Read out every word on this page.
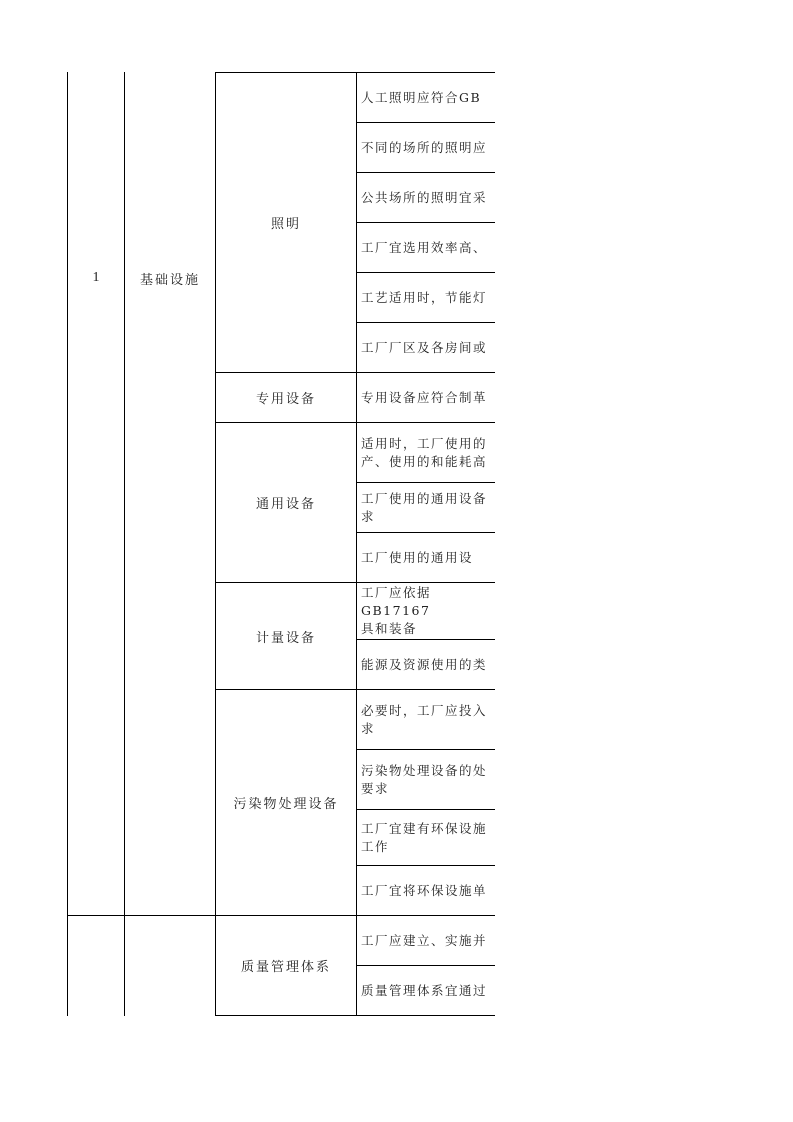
1	基础设施
照明
专用设备
通用设备
计量设备
污染物处理设备
质量管理体系
人工照明应符合GB
不同的场所的照明应
公共场所的照明宜采
工厂宜选用效率高、
工艺适用时，节能灯
工厂厂区及各房间或
专用设备应符合制革
适用时，工厂使用的
产、使用的和能耗高
工厂使用的通用设备
求
工厂使用的通用设
工厂应依据GB17167
具和装备
能源及资源使用的类
必要时，工厂应投入
求
污染物处理设备的处
要求
工厂宜建有环保设施
工作
工厂宜将环保设施单
工厂应建立、实施并
质量管理体系宜通过
